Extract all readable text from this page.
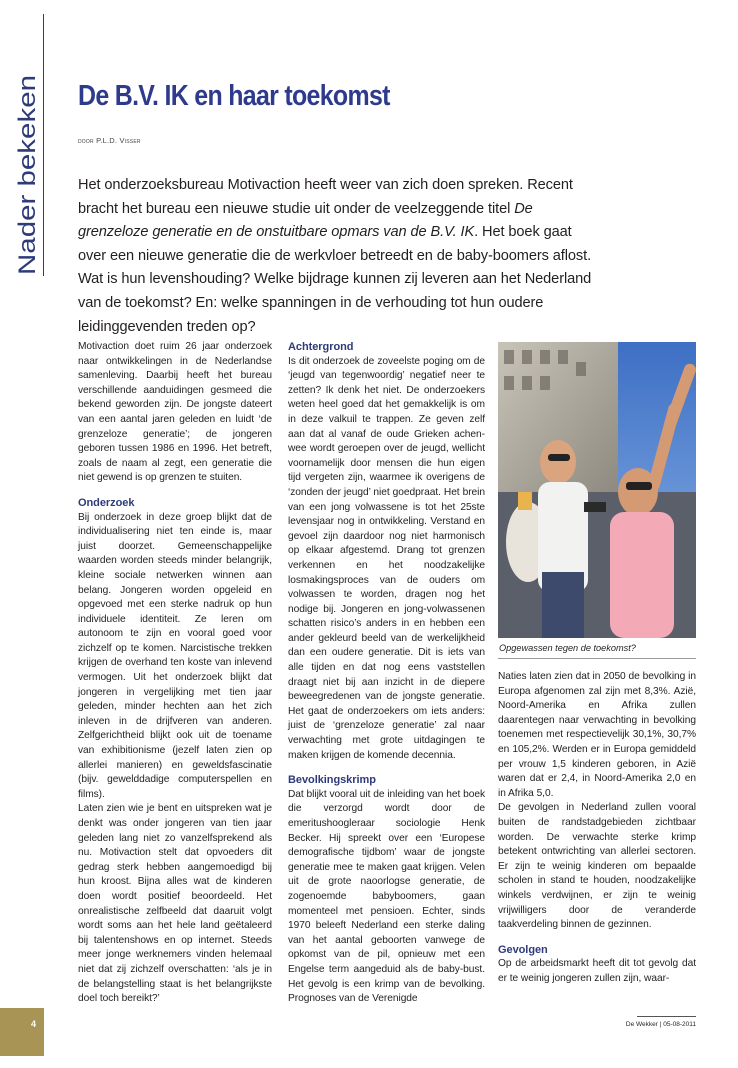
Nader bekeken
De B.V. IK en haar toekomst
door P.L.D. Visser

Het onderzoeksbureau Motivaction heeft weer van zich doen spreken. Recent bracht het bureau een nieuwe studie uit onder de veelzeggende titel De grenzeloze generatie en de onstuitbare opmars van de B.V. IK. Het boek gaat over een nieuwe generatie die de werkvloer betreedt en de baby-boomers aflost. Wat is hun levenshouding? Welke bijdrage kunnen zij leveren aan het Nederland van de toekomst? En: welke spanningen in de verhouding tot hun oudere leidinggevenden treden op?

Motivaction doet ruim 26 jaar onderzoek naar ontwikkelingen in de Nederlandse samenleving. Daarbij heeft het bureau verschillende aanduidingen gesmeed die bekend geworden zijn. De jongste dateert van een aantal jaren geleden en luidt ‘de grenzeloze generatie’; de jongeren geboren tussen 1986 en 1996. Het betreft, zoals de naam al zegt, een generatie die niet gewend is op grenzen te stuiten.

Onderzoek

Bij onderzoek in deze groep blijkt dat de individualisering niet ten einde is, maar juist doorzet. Gemeenschappelijke waarden worden steeds minder belangrijk, kleine sociale netwerken winnen aan belang. Jongeren worden opgeleid en opgevoed met een sterke nadruk op hun individuele identiteit. Ze leren om autonoom te zijn en vooral goed voor zichzelf op te komen. Narcistische trekken krijgen de overhand ten koste van inlevend vermogen. Uit het onderzoek blijkt dat jongeren in vergelijking met tien jaar geleden, minder hechten aan het zich inleven in de drijfveren van anderen. Zelfgerichtheid blijkt ook uit de toename van exhibitionisme (jezelf laten zien op allerlei manieren) en geweldsfascinatie (bijv. gewelddadige computerspellen en films).

Laten zien wie je bent en uitspreken wat je denkt was onder jongeren van tien jaar geleden lang niet zo vanzelfsprekend als nu. Motivaction stelt dat opvoeders dit gedrag sterk hebben aangemoedigd bij hun kroost. Bijna alles wat de kinderen doen wordt positief beoordeeld. Het onrealistische zelfbeeld dat daaruit volgt wordt soms aan het hele land geëtaleerd bij talentenshows en op internet. Steeds meer jonge werknemers vinden helemaal niet dat zij zichzelf overschatten: ‘als je in de belangstelling staat is het belangrijkste doel toch bereikt?’

Achtergrond

Is dit onderzoek de zoveelste poging om de ‘jeugd van tegenwoordig’ negatief neer te zetten? Ik denk het niet. De onderzoekers weten heel goed dat het gemakkelijk is om in deze valkuil te trappen. Ze geven zelf aan dat al vanaf de oude Grieken achen-wee wordt geroepen over de jeugd, wellicht voornamelijk door mensen die hun eigen tijd vergeten zijn, waarmee ik overigens de ‘zonden der jeugd’ niet goedpraat. Het brein van een jong volwassene is tot het 25ste levensjaar nog in ontwikkeling. Verstand en gevoel zijn daardoor nog niet harmonisch op elkaar afgestemd. Drang tot grenzen verkennen en het noodzakelijke losmakingsproces van de ouders om volwassen te worden, dragen nog het nodige bij. Jongeren en jong-volwassenen schatten risico’s anders in en hebben een ander gekleurd beeld van de werkelijkheid dan een oudere generatie. Dit is iets van alle tijden en dat nog eens vaststellen draagt niet bij aan inzicht in de diepere beweegredenen van de jongste generatie. Het gaat de onderzoekers om iets anders: juist de ‘grenzeloze generatie’ zal naar verwachting met grote uitdagingen te maken krijgen de komende decennia.

Bevolkingskrimp

Dat blijkt vooral uit de inleiding van het boek die verzorgd wordt door de emeritushoogleraar sociologie Henk Becker. Hij spreekt over een ‘Europese demografische tijdbom’ waar de jongste generatie mee te maken gaat krijgen. Velen uit de grote naoorlogse generatie, de zogenoemde babyboomers, gaan momenteel met pensioen. Echter, sinds 1970 beleeft Nederland een sterke daling van het aantal geboorten vanwege de opkomst van de pil, opnieuw met een Engelse term aangeduid als de baby-bust. Het gevolg is een krimp van de bevolking. Prognoses van de Verenigde

Opgewassen tegen de toekomst?

Naties laten zien dat in 2050 de bevolking in Europa afgenomen zal zijn met 8,3%. Azië, Noord-Amerika en Afrika zullen daarentegen naar verwachting in bevolking toenemen met respectievelijk 30,1%, 30,7% en 105,2%. Werden er in Europa gemiddeld per vrouw 1,5 kinderen geboren, in Azië waren dat er 2,4, in Noord-Amerika 2,0 en in Afrika 5,0.

De gevolgen in Nederland zullen vooral buiten de randstadgebieden zichtbaar worden. De verwachte sterke krimp betekent ontwrichting van allerlei sectoren. Er zijn te weinig kinderen om bepaalde scholen in stand te houden, noodzakelijke winkels verdwijnen, er zijn te weinig vrijwilligers door de veranderde taakverdeling binnen de gezinnen.

Gevolgen

Op de arbeidsmarkt heeft dit tot gevolg dat er te weinig jongeren zullen zijn, waar-

4	De Wekker | 05-08-2011
